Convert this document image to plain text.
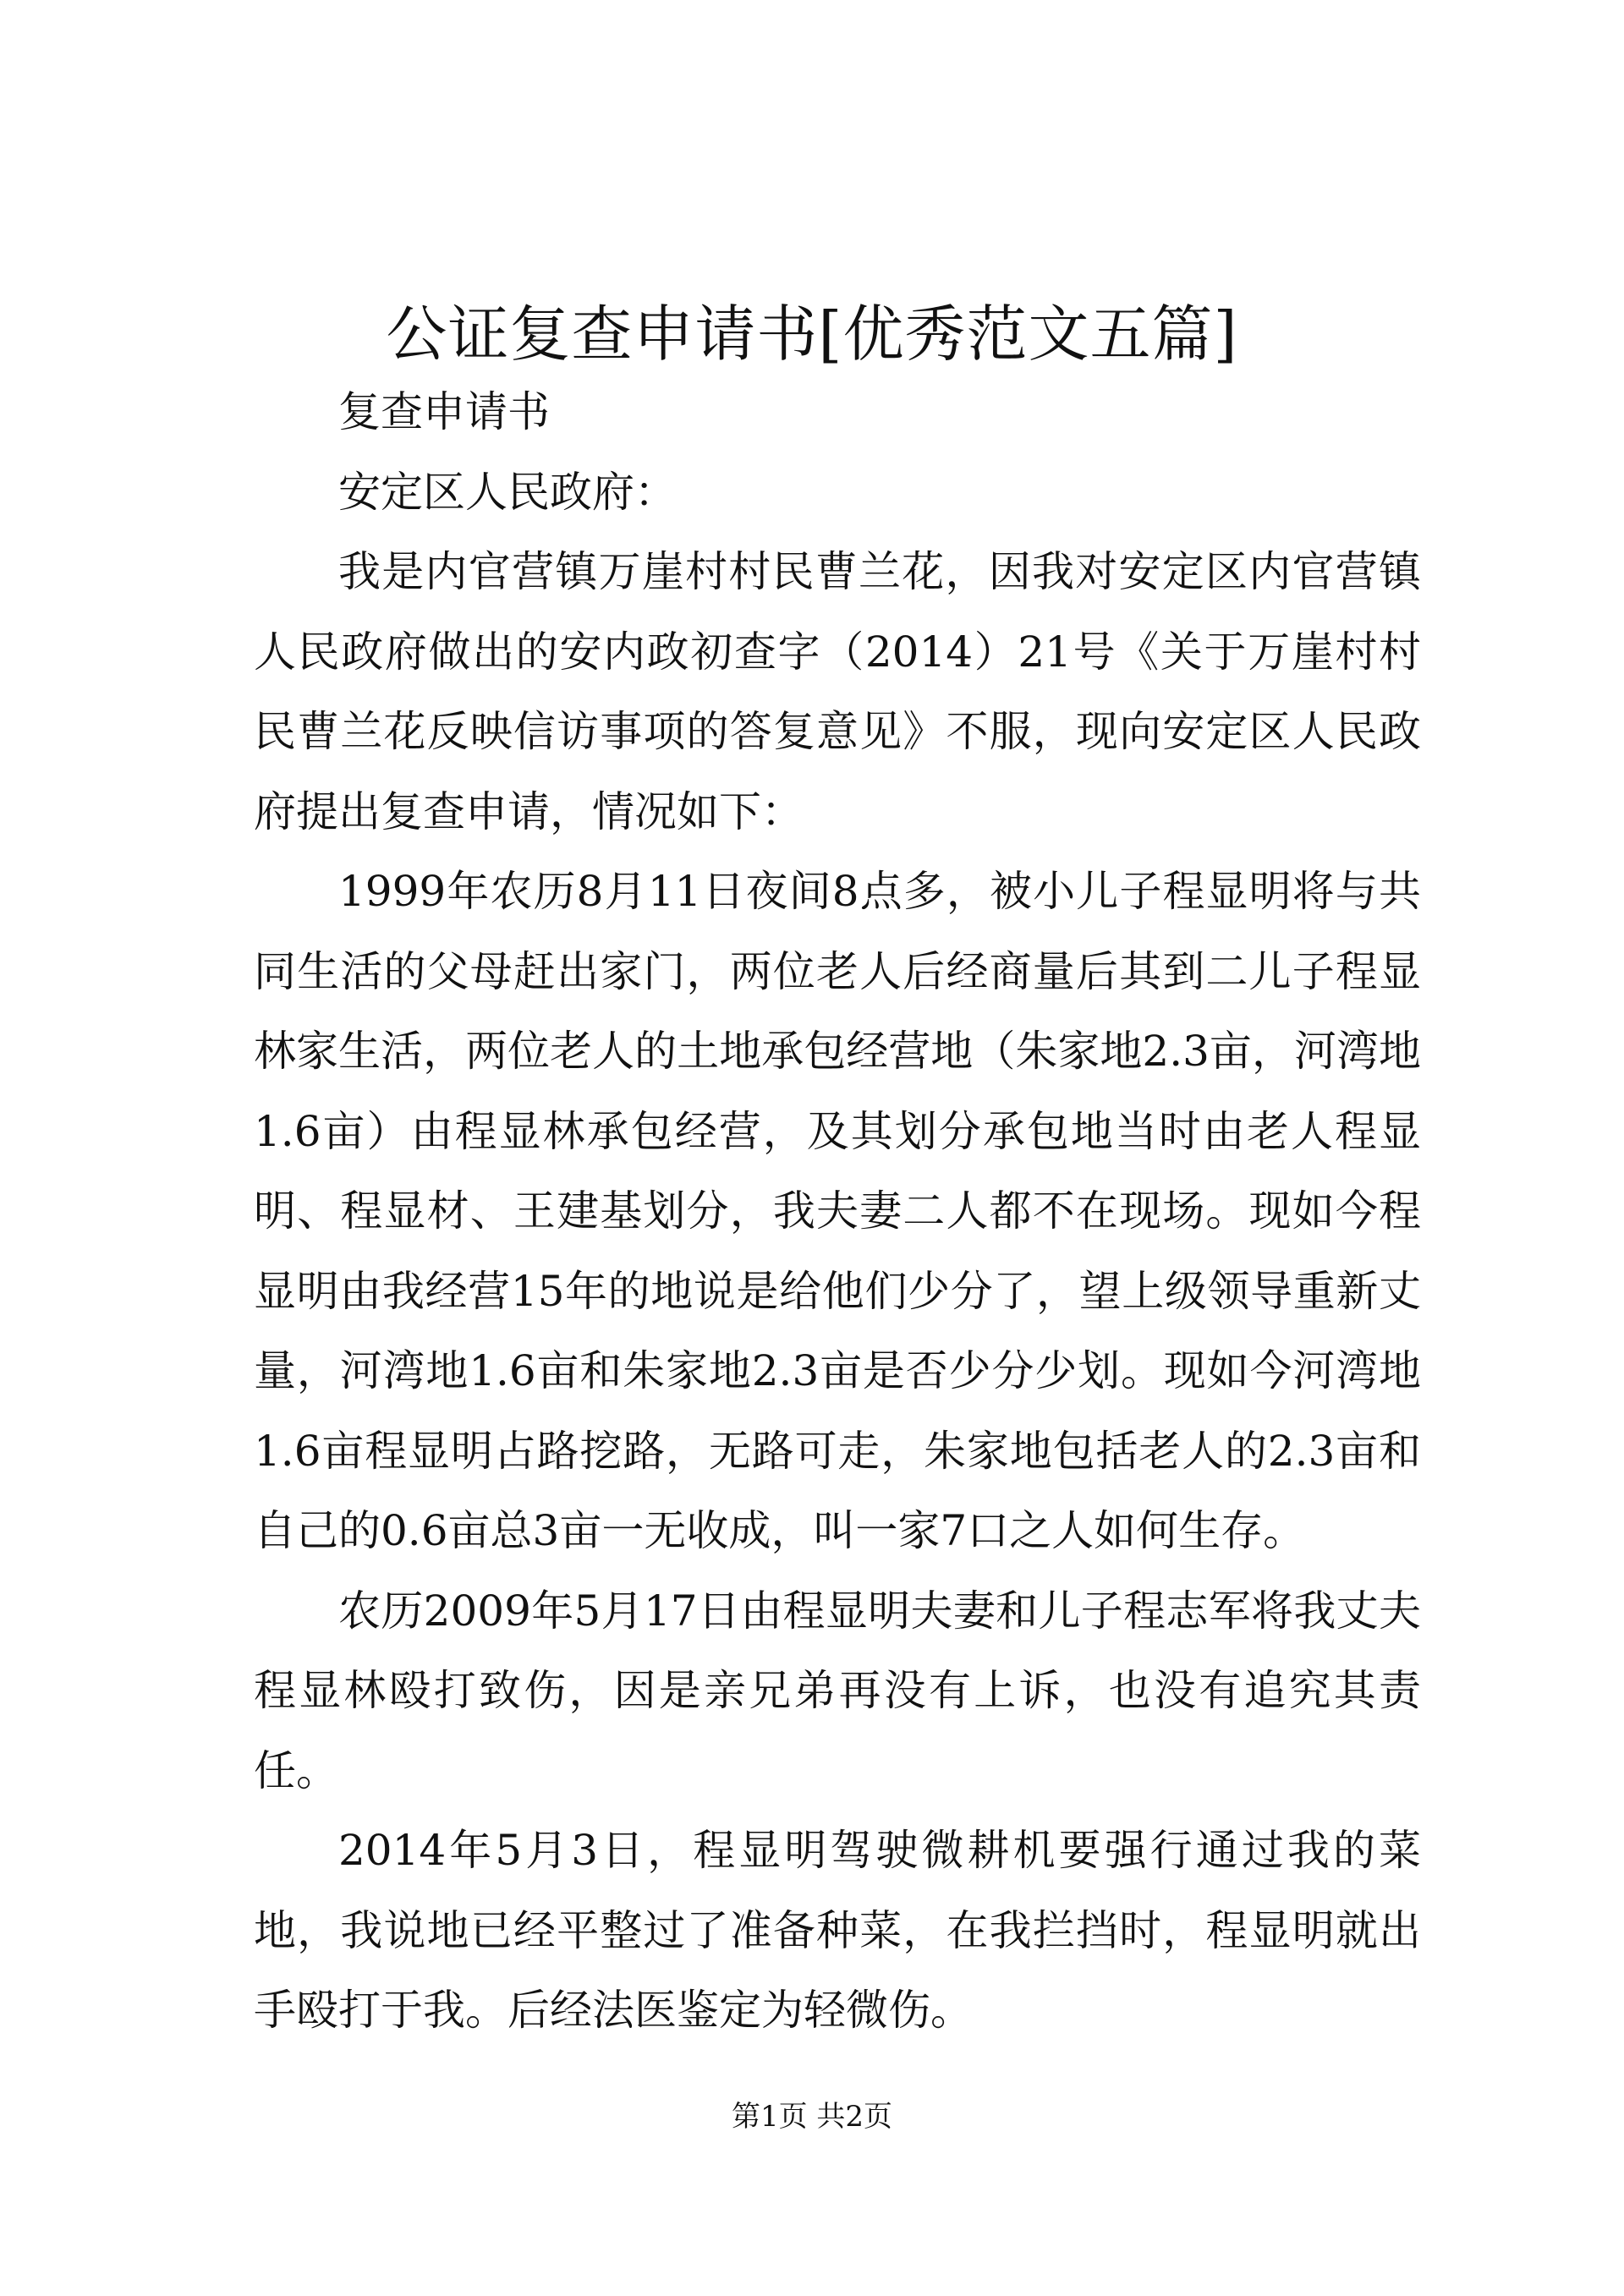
公证复查申请书[优秀范文五篇]

复查申请书

安定区人民政府：

我是内官营镇万崖村村民曹兰花，因我对安定区内官营镇人民政府做出的安内政初查字（2014）21号《关于万崖村村民曹兰花反映信访事项的答复意见》不服，现向安定区人民政府提出复查申请，情况如下：

1999年农历8月11日夜间8点多，被小儿子程显明将与共同生活的父母赶出家门，两位老人后经商量后其到二儿子程显林家生活，两位老人的土地承包经营地（朱家地2.3亩，河湾地1.6亩）由程显林承包经营，及其划分承包地当时由老人程显明、程显材、王建基划分，我夫妻二人都不在现场。现如今程显明由我经营15年的地说是给他们少分了，望上级领导重新丈量，河湾地1.6亩和朱家地2.3亩是否少分少划。现如今河湾地1.6亩程显明占路挖路，无路可走，朱家地包括老人的2.3亩和自己的0.6亩总3亩一无收成，叫一家7口之人如何生存。

农历2009年5月17日由程显明夫妻和儿子程志军将我丈夫程显林殴打致伤，因是亲兄弟再没有上诉，也没有追究其责任。

2014年5月3日，程显明驾驶微耕机要强行通过我的菜地，我说地已经平整过了准备种菜，在我拦挡时，程显明就出手殴打于我。后经法医鉴定为轻微伤。

第1页 共2页
